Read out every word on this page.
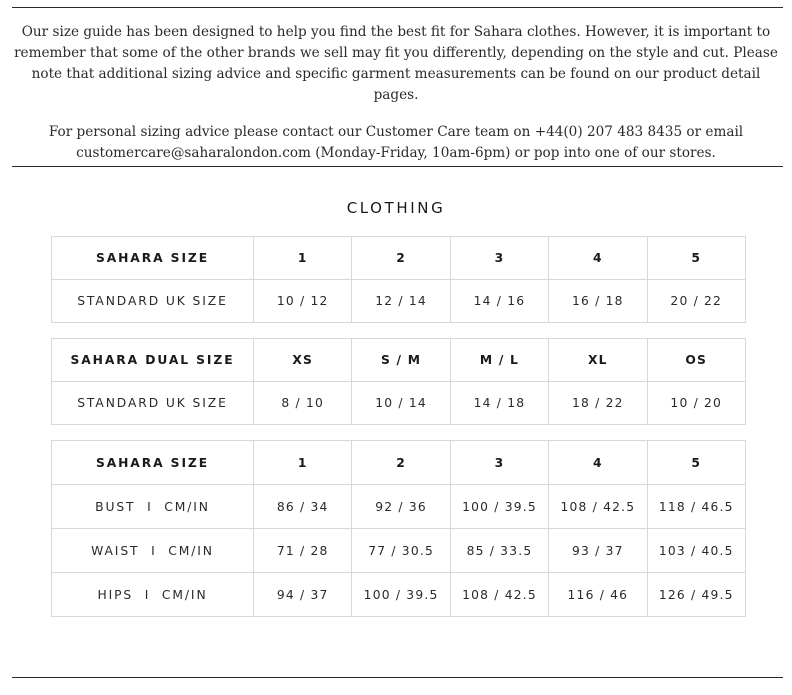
Our size guide has been designed to help you find the best fit for Sahara clothes. However, it is important to remember that some of the other brands we sell may fit you differently, depending on the style and cut. Please note that additional sizing advice and specific garment measurements can be found on our product detail pages.

For personal sizing advice please contact our Customer Care team on +44(0) 207 483 8435 or email customercare@saharalondon.com (Monday-Friday, 10am-6pm) or pop into one of our stores.

CLOTHING
SAHARA SIZE	1	2	3	4	5
STANDARD UK SIZE	10 / 12	12 / 14	14 / 16	16 / 18	20 / 22
SAHARA DUAL SIZE	XS	S / M	M / L	XL	OS
STANDARD UK SIZE	8 / 10	10 / 14	14 / 18	18 / 22	10 / 20
SAHARA SIZE	1	2	3	4	5
BUST  I  CM/IN	86 / 34	92 / 36	100 / 39.5	108 / 42.5	118 / 46.5
WAIST  I  CM/IN	71 / 28	77 / 30.5	85 / 33.5	93 / 37	103 / 40.5
HIPS  I  CM/IN	94 / 37	100 / 39.5	108 / 42.5	116 / 46	126 / 49.5
